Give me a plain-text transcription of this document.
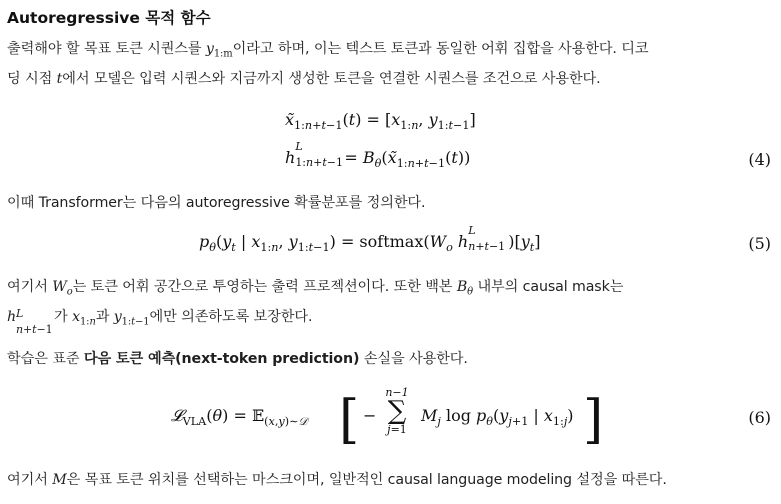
Autoregressive 목적 함수
출력해야 할 목표 토큰 시퀀스를 $y_{1:m}$이라고 하며, 이는 텍스트 토큰과 동일한 어휘 집합을 사용한다. 디코
딩 시점 t에서 모델은 입력 시퀀스와 지금까지 생성한 토큰을 연결한 시퀀스를 조건으로 사용한다.
$x̃_{1:n+t-1}(t) = [x_{1:n}$, $y_{1:t-1}$]
h
L
1:n+t−1
= $B_\theta(x̃_{1:n+t-1}(t))$	(4)
이때 Transformer는 다음의 autoregressive 확률분포를 정의한다.
$p_\theta(y_t$ | $x_{1:n}$, $y_{1:t-1}$) = $softmax(W_o$ h
L
n+t−1 )$[y_t]$	(5)
여기서 $W_o$는 토큰 어휘 공간으로 투영하는 출력 프로젝션이다. 또한 백본 $B_\theta$ 내부의 causal mask는
h L
n+t−1
가 $x_{1:n}$과 $y_{1:t-1}$에만 의존하도록 보장한다.
학습은 표준 다음 토큰 예측(next-token prediction) 손실을 사용한다.
𝓛$_{VLA}$(θ) = 𝔼$_{(x,y)\sim 𝒟}$ [ −
n−1
∑
j=1
$M_j$ $\log p_\theta(y_{j+1}$ | $x_{1:j}$) ]	(6)
여기서 M은 목표 토큰 위치를 선택하는 마스크이며, 일반적인 causal language modeling 설정을 따른다.
